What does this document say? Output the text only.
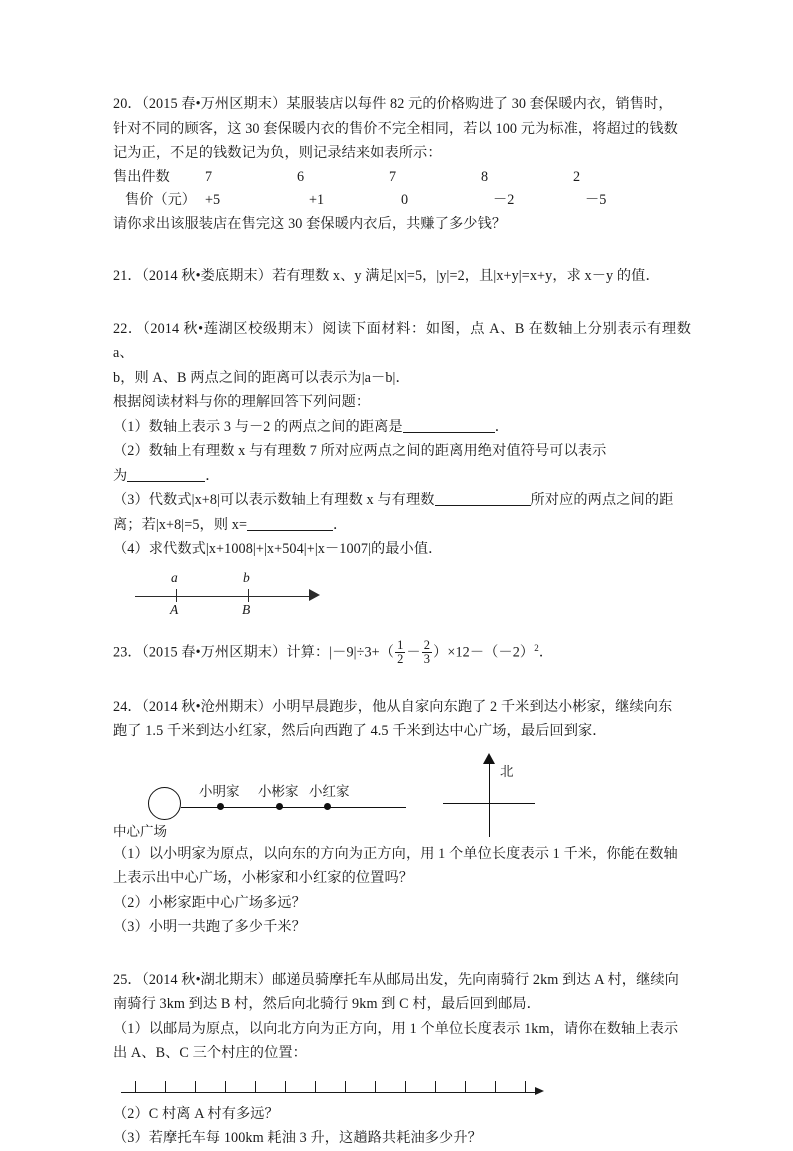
20．（2015 春•万州区期末）某服装店以每件 82 元的价格购进了 30 套保暖内衣，销售时，
针对不同的顾客，这 30 套保暖内衣的售价不完全相同，若以 100 元为标准，将超过的钱数
记为正，不足的钱数记为负，则记录结来如表所示：
售出件数	7	6	7	8	2
售价（元） +5	+1	0	－2	－5
请你求出该服装店在售完这 30 套保暖内衣后，共赚了多少钱？
21．（2014 秋•娄底期末）若有理数 x、y 满足|x|=5，|y|=2，且|x+y|=x+y，求 x－y 的值．
22．（2014 秋•莲湖区校级期末）阅读下面材料：如图，点 A、B 在数轴上分别表示有理数 a、
b，则 A、B 两点之间的距离可以表示为|a－b|．
根据阅读材料与你的理解回答下列问题：
（1）数轴上表示 3 与－2 的两点之间的距离是	．
（2）数轴上有理数 x 与有理数 7 所对应两点之间的距离用绝对值符号可以表示
为	．
（3）代数式|x+8|可以表示数轴上有理数 x 与有理数	所对应的两点之间的距
离；若|x+8|=5，则 x=	．
（4）求代数式|x+1008|+|x+504|+|x－1007|的最小值．
a	b
A	B
23．（2015 春•万州区期末）计算：$|-9|\div 3+( \frac{1}{2} - \frac{2}{3} )\times 12-(-2)^2$．
24．（2014 秋•沧州期末）小明早晨跑步，他从自家向东跑了 2 千米到达小彬家，继续向东
跑了 1.5 千米到达小红家，然后向西跑了 4.5 千米到达中心广场，最后回到家．
小明家 小彬家 小红家
中心广场
北
（1）以小明家为原点，以向东的方向为正方向，用 1 个单位长度表示 1 千米，你能在数轴
上表示出中心广场，小彬家和小红家的位置吗？
（2）小彬家距中心广场多远？
（3）小明一共跑了多少千米？
25．（2014 秋•湖北期末）邮递员骑摩托车从邮局出发，先向南骑行 2km 到达 A 村，继续向
南骑行 3km 到达 B 村，然后向北骑行 9km 到 C 村，最后回到邮局．
（1）以邮局为原点，以向北方向为正方向，用 1 个单位长度表示 1km，请你在数轴上表示
出 A、B、C 三个村庄的位置：
（2）C 村离 A 村有多远？
（3）若摩托车每 100km 耗油 3 升，这趟路共耗油多少升？
